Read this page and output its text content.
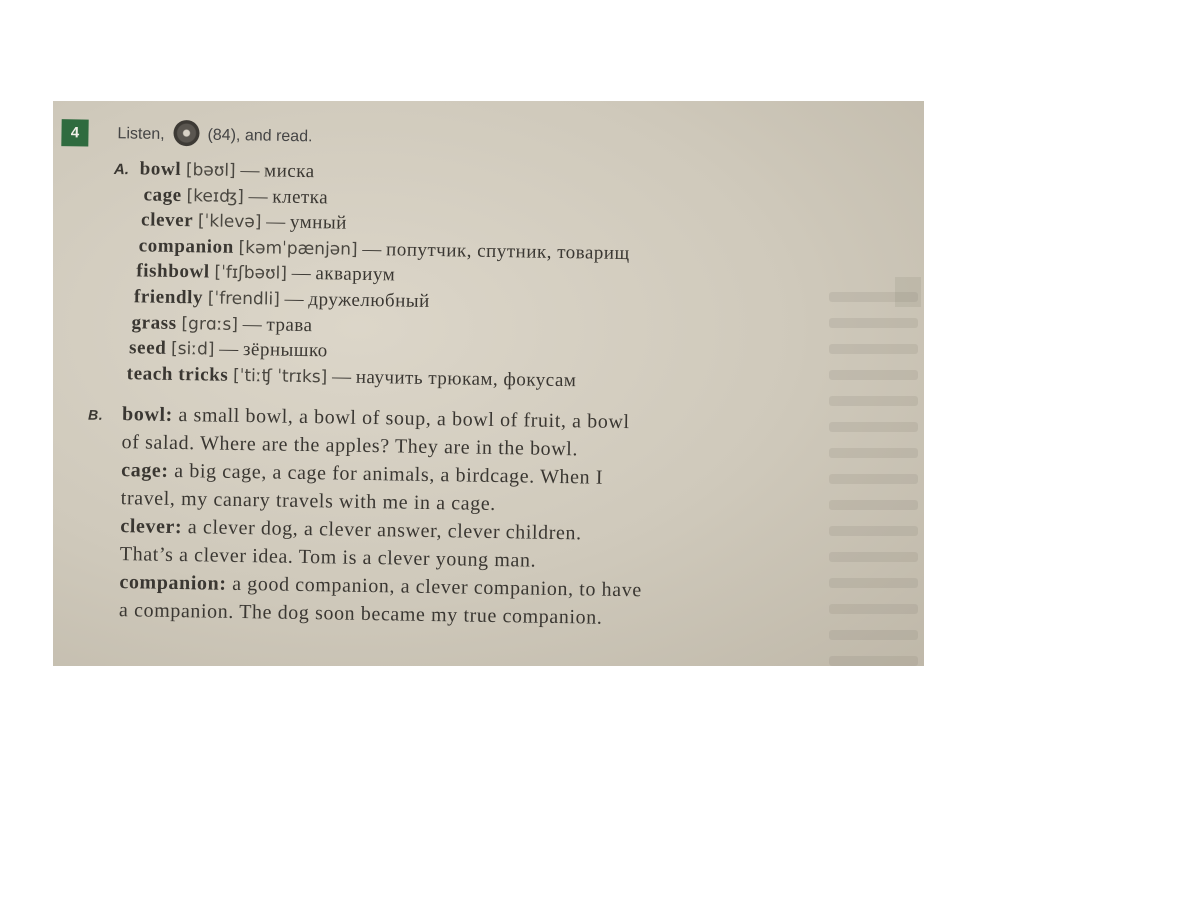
4	Listen,	(84), and read.
A. bowl [bəʊl] — миска
cage [keɪʤ] — клетка
clever [ˈklevə] — умный
companion [kəmˈpænjən] — попутчик, спутник, товарищ
fishbowl [ˈfɪʃbəʊl] — аквариум
friendly [ˈfrendli] — дружелюбный
grass [grɑːs] — трава
seed [siːd] — зёрнышко
teach tricks [ˈtiːʧ ˈtrɪks] — научить трюкам, фокусам
B. bowl: a small bowl, a bowl of soup, a bowl of fruit, a bowl
of salad. Where are the apples? They are in the bowl.
cage: a big cage, a cage for animals, a birdcage. When I
travel, my canary travels with me in a cage.
clever: a clever dog, a clever answer, clever children.
That’s a clever idea. Tom is a clever young man.
companion: a good companion, a clever companion, to have
a companion. The dog soon became my true companion.
